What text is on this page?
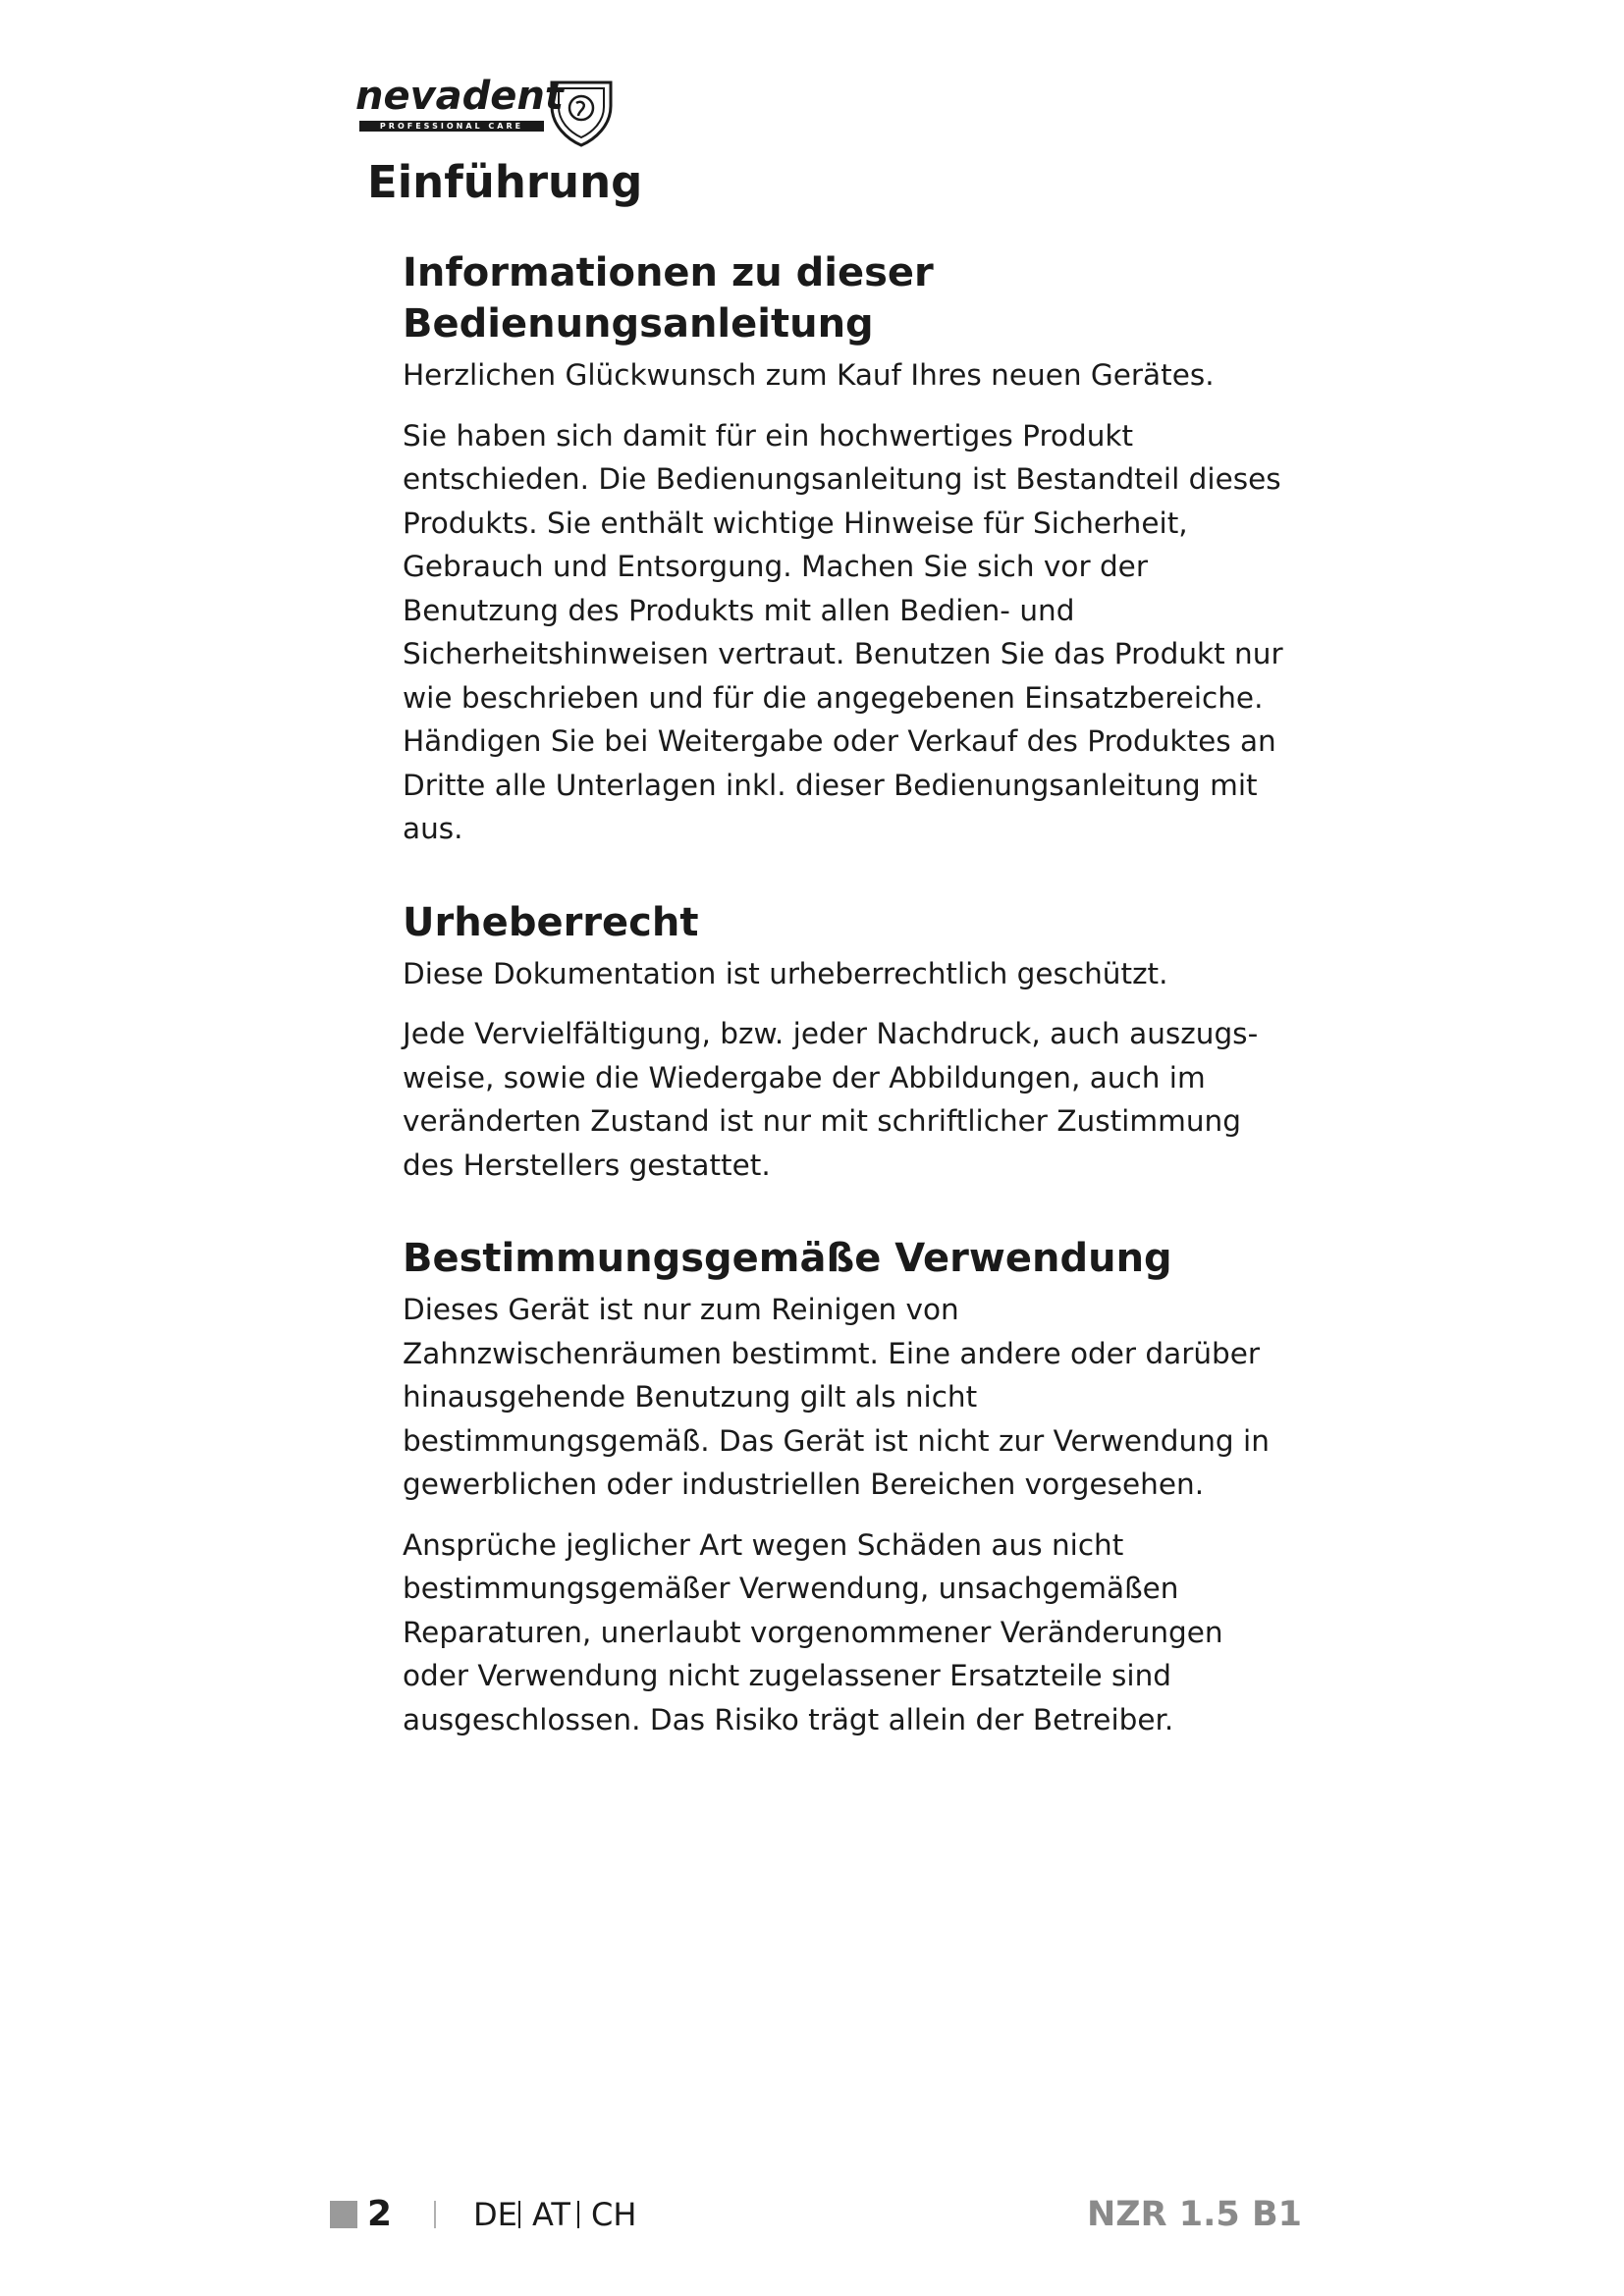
nevadent
PROFESSIONAL CARE
Einführung
Informationen zu dieser
Bedienungsanleitung

Herzlichen Glückwunsch zum Kauf Ihres neuen Gerätes.

Sie haben sich damit für ein hochwertiges Produkt entschieden. Die Bedienungsanleitung ist Bestandteil dieses Produkts. Sie enthält wichtige Hinweise für Sicherheit, Gebrauch und Entsorgung. Machen Sie sich vor der Benutzung des Produkts mit allen Bedien- und Sicherheitshinweisen vertraut. Benutzen Sie das Produkt nur wie beschrieben und für die angegebenen Einsatzbereiche. Händigen Sie bei Weitergabe oder Verkauf des Produktes an Dritte alle Unterlagen inkl. dieser Bedienungsanleitung mit aus.

Urheberrecht

Diese Dokumentation ist urheberrechtlich geschützt.

Jede Vervielfältigung, bzw. jeder Nachdruck, auch auszugsweise, sowie die Wiedergabe der Abbildungen, auch im veränderten Zustand ist nur mit schriftlicher Zustimmung des Herstellers gestattet.

Bestimmungsgemäße Verwendung

Dieses Gerät ist nur zum Reinigen von Zahnzwischenräumen bestimmt. Eine andere oder darüber hinausgehende Benutzung gilt als nicht bestimmungsgemäß. Das Gerät ist nicht zur Verwendung in gewerblichen oder industriellen Bereichen vorgesehen.

Ansprüche jeglicher Art wegen Schäden aus nicht bestimmungsgemäßer Verwendung, unsachgemäßen Reparaturen, unerlaubt vorgenommener Veränderungen oder Verwendung nicht zugelassener Ersatzteile sind ausgeschlossen. Das Risiko trägt allein der Betreiber.

2	DE AT CH	NZR 1.5 B1
